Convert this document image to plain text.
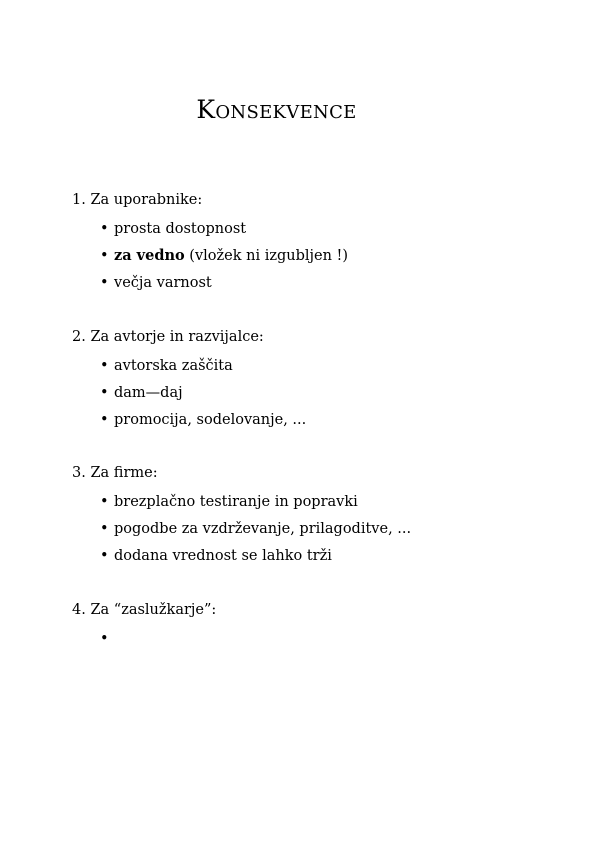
Konsekvence
1. Za uporabnike:
• prosta dostopnost
• za vedno (vložek ni izgubljen !)
• večja varnost
2. Za avtorje in razvijalce:
• avtorska zaščita
• dam—daj
• promocija, sodelovanje, ...
3. Za firme:
• brezplačno testiranje in popravki
• pogodbe za vzdrževanje, prilagoditve, ...
• dodana vrednost se lahko trži
4. Za “zaslužkarje”:
•
